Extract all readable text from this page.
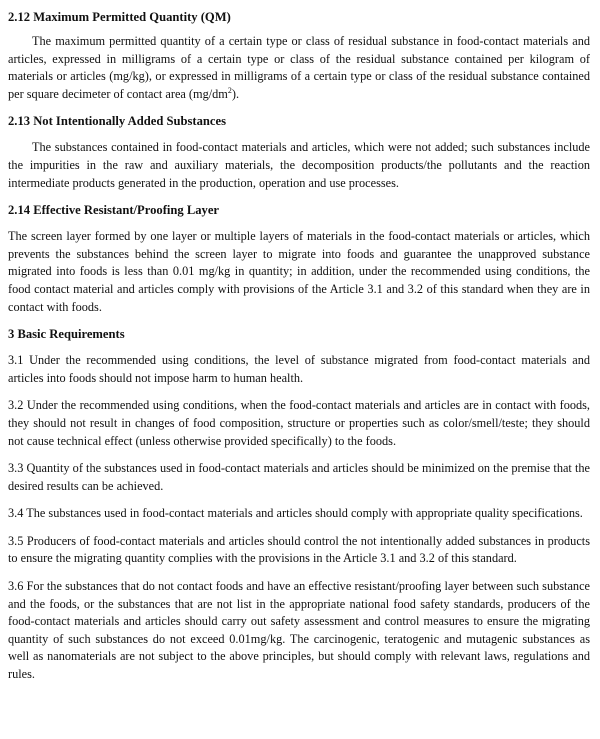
2.12 Maximum Permitted Quantity (QM)

The maximum permitted quantity of a certain type or class of residual substance in food-contact materials and articles, expressed in milligrams of a certain type or class of the residual substance contained per kilogram of materials or articles (mg/kg), or expressed in milligrams of a certain type or class of the residual substance contained per square decimeter of contact area $(mg/dm^2)$.

2.13 Not Intentionally Added Substances

The substances contained in food-contact materials and articles, which were not added; such substances include the impurities in the raw and auxiliary materials, the decomposition products/the pollutants and the reaction intermediate products generated in the production, operation and use processes.

2.14 Effective Resistant/Proofing Layer

The screen layer formed by one layer or multiple layers of materials in the food-contact materials or articles, which prevents the substances behind the screen layer to migrate into foods and guarantee the unapproved substance migrated into foods is less than 0.01 mg/kg in quantity; in addition, under the recommended using conditions, the food contact material and articles comply with provisions of the Article 3.1 and 3.2 of this standard when they are in contact with foods.

3 Basic Requirements

3.1 Under the recommended using conditions, the level of substance migrated from food-contact materials and articles into foods should not impose harm to human health.

3.2 Under the recommended using conditions, when the food-contact materials and articles are in contact with foods, they should not result in changes of food composition, structure or properties such as color/smell/teste; they should not cause technical effect (unless otherwise provided specifically) to the foods.

3.3 Quantity of the substances used in food-contact materials and articles should be minimized on the premise that the desired results can be achieved.

3.4 The substances used in food-contact materials and articles should comply with appropriate quality specifications.

3.5 Producers of food-contact materials and articles should control the not intentionally added substances in products to ensure the migrating quantity complies with the provisions in the Article 3.1 and 3.2 of this standard.

3.6 For the substances that do not contact foods and have an effective resistant/proofing layer between such substance and the foods, or the substances that are not list in the appropriate national food safety standards, producers of the food-contact materials and articles should carry out safety assessment and control measures to ensure the migrating quantity of such substances do not exceed 0.01mg/kg. The carcinogenic, teratogenic and mutagenic substances as well as nanomaterials are not subject to the above principles, but should comply with relevant laws, regulations and rules.
